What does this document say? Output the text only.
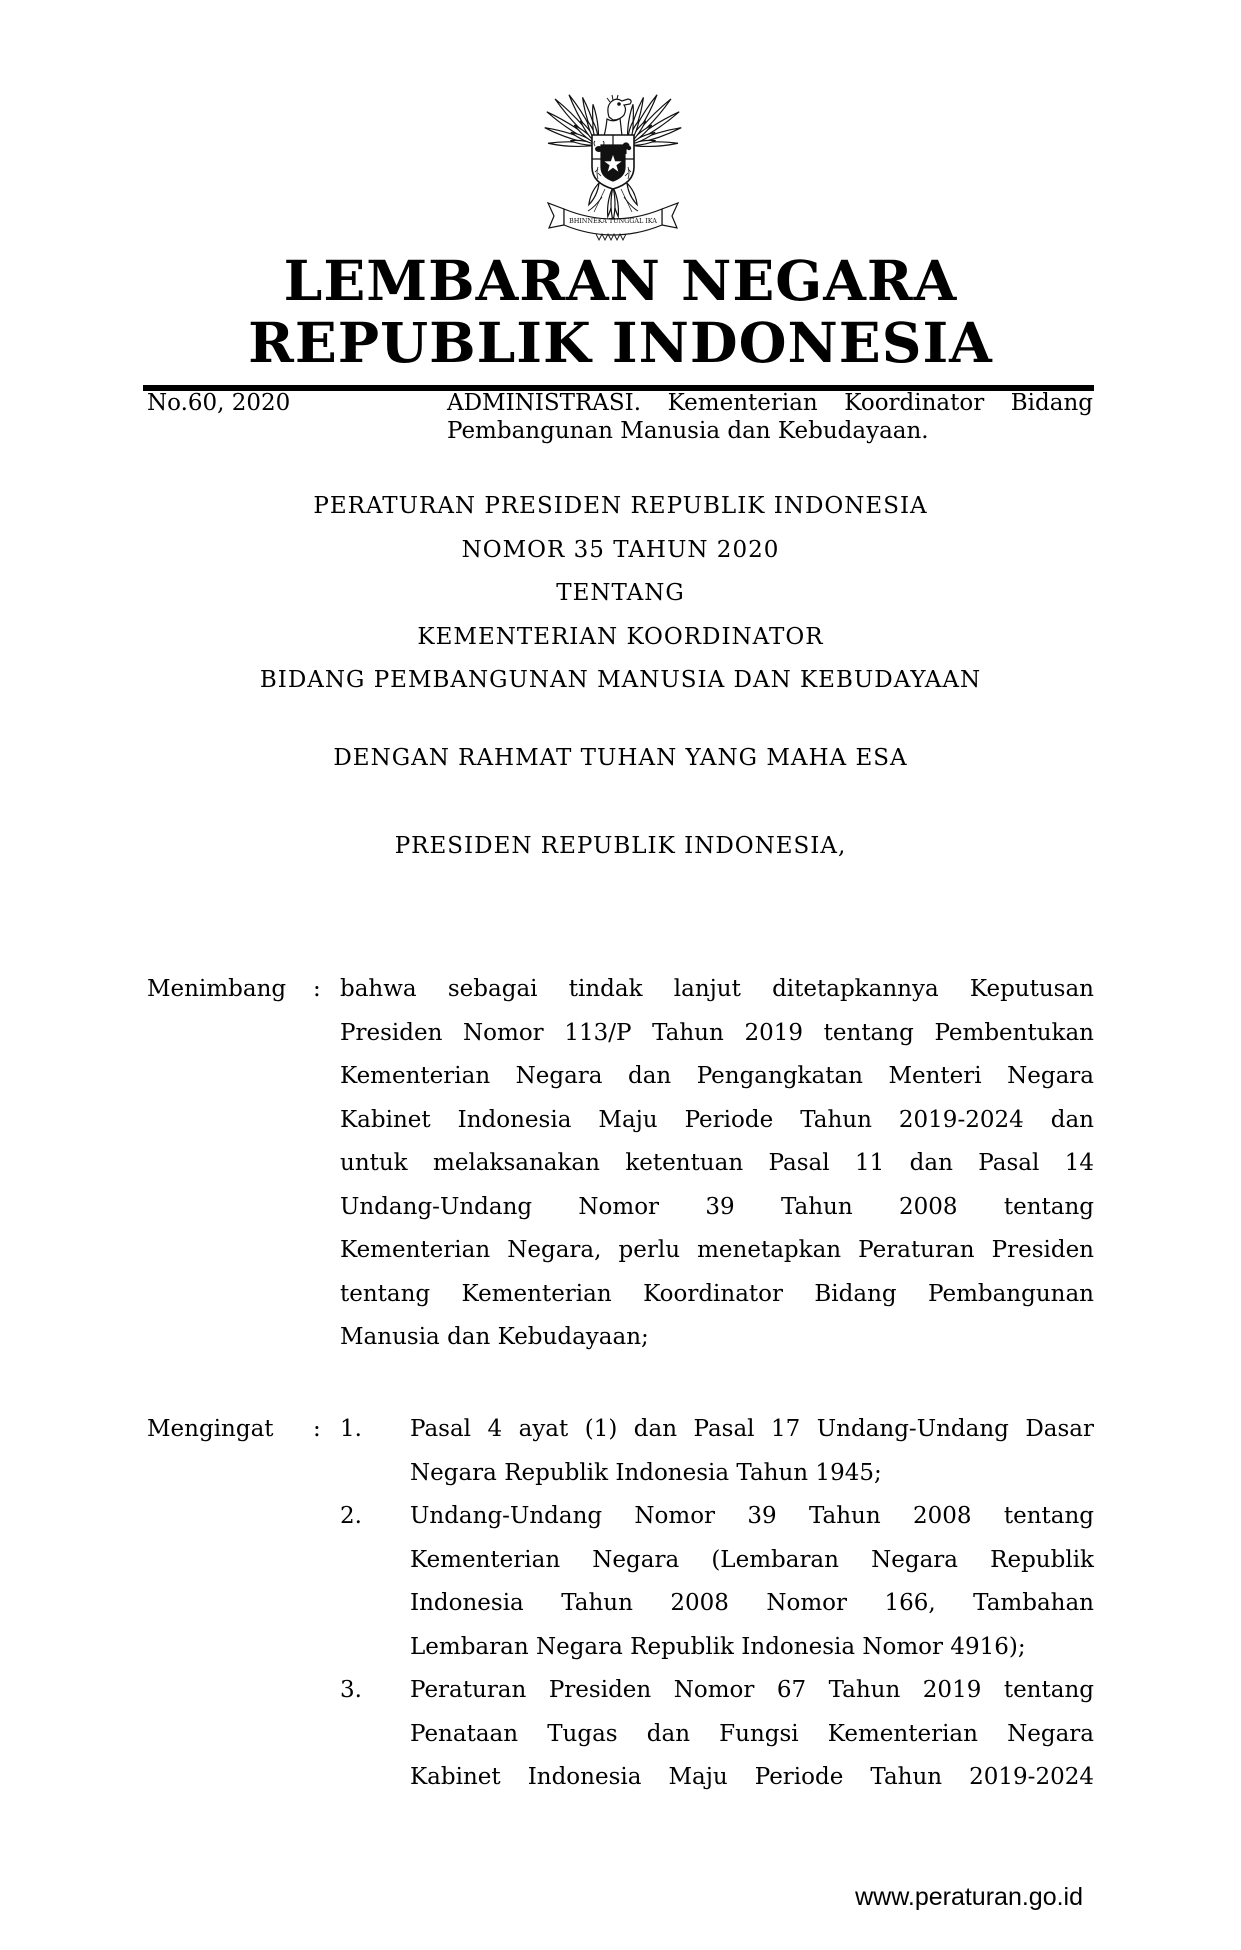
BHINNEKA TUNGGAL IKA
LEMBARAN NEGARA
REPUBLIK INDONESIA
No.60, 2020	ADMINISTRASI. Kementerian Koordinator Bidang
Pembangunan Manusia dan Kebudayaan.
PERATURAN PRESIDEN REPUBLIK INDONESIA
NOMOR 35 TAHUN 2020
TENTANG
KEMENTERIAN KOORDINATOR
BIDANG PEMBANGUNAN MANUSIA DAN KEBUDAYAAN
DENGAN RAHMAT TUHAN YANG MAHA ESA
PRESIDEN REPUBLIK INDONESIA,
Menimbang : bahwa sebagai tindak lanjut ditetapkannya Keputusan
Presiden Nomor 113/P Tahun 2019 tentang Pembentukan
Kementerian Negara dan Pengangkatan Menteri Negara
Kabinet Indonesia Maju Periode Tahun 2019-2024 dan
untuk melaksanakan ketentuan Pasal 11 dan Pasal 14
Undang-Undang Nomor 39 Tahun 2008 tentang
Kementerian Negara, perlu menetapkan Peraturan Presiden
tentang Kementerian Koordinator Bidang Pembangunan
Manusia dan Kebudayaan;
Mengingat : 1. Pasal 4 ayat (1) dan Pasal 17 Undang-Undang Dasar
Negara Republik Indonesia Tahun 1945;
2. Undang-Undang Nomor 39 Tahun 2008 tentang
Kementerian Negara (Lembaran Negara Republik
Indonesia Tahun 2008 Nomor 166, Tambahan
Lembaran Negara Republik Indonesia Nomor 4916);
3. Peraturan Presiden Nomor 67 Tahun 2019 tentang
Penataan Tugas dan Fungsi Kementerian Negara
Kabinet Indonesia Maju Periode Tahun 2019-2024
www.peraturan.go.id
